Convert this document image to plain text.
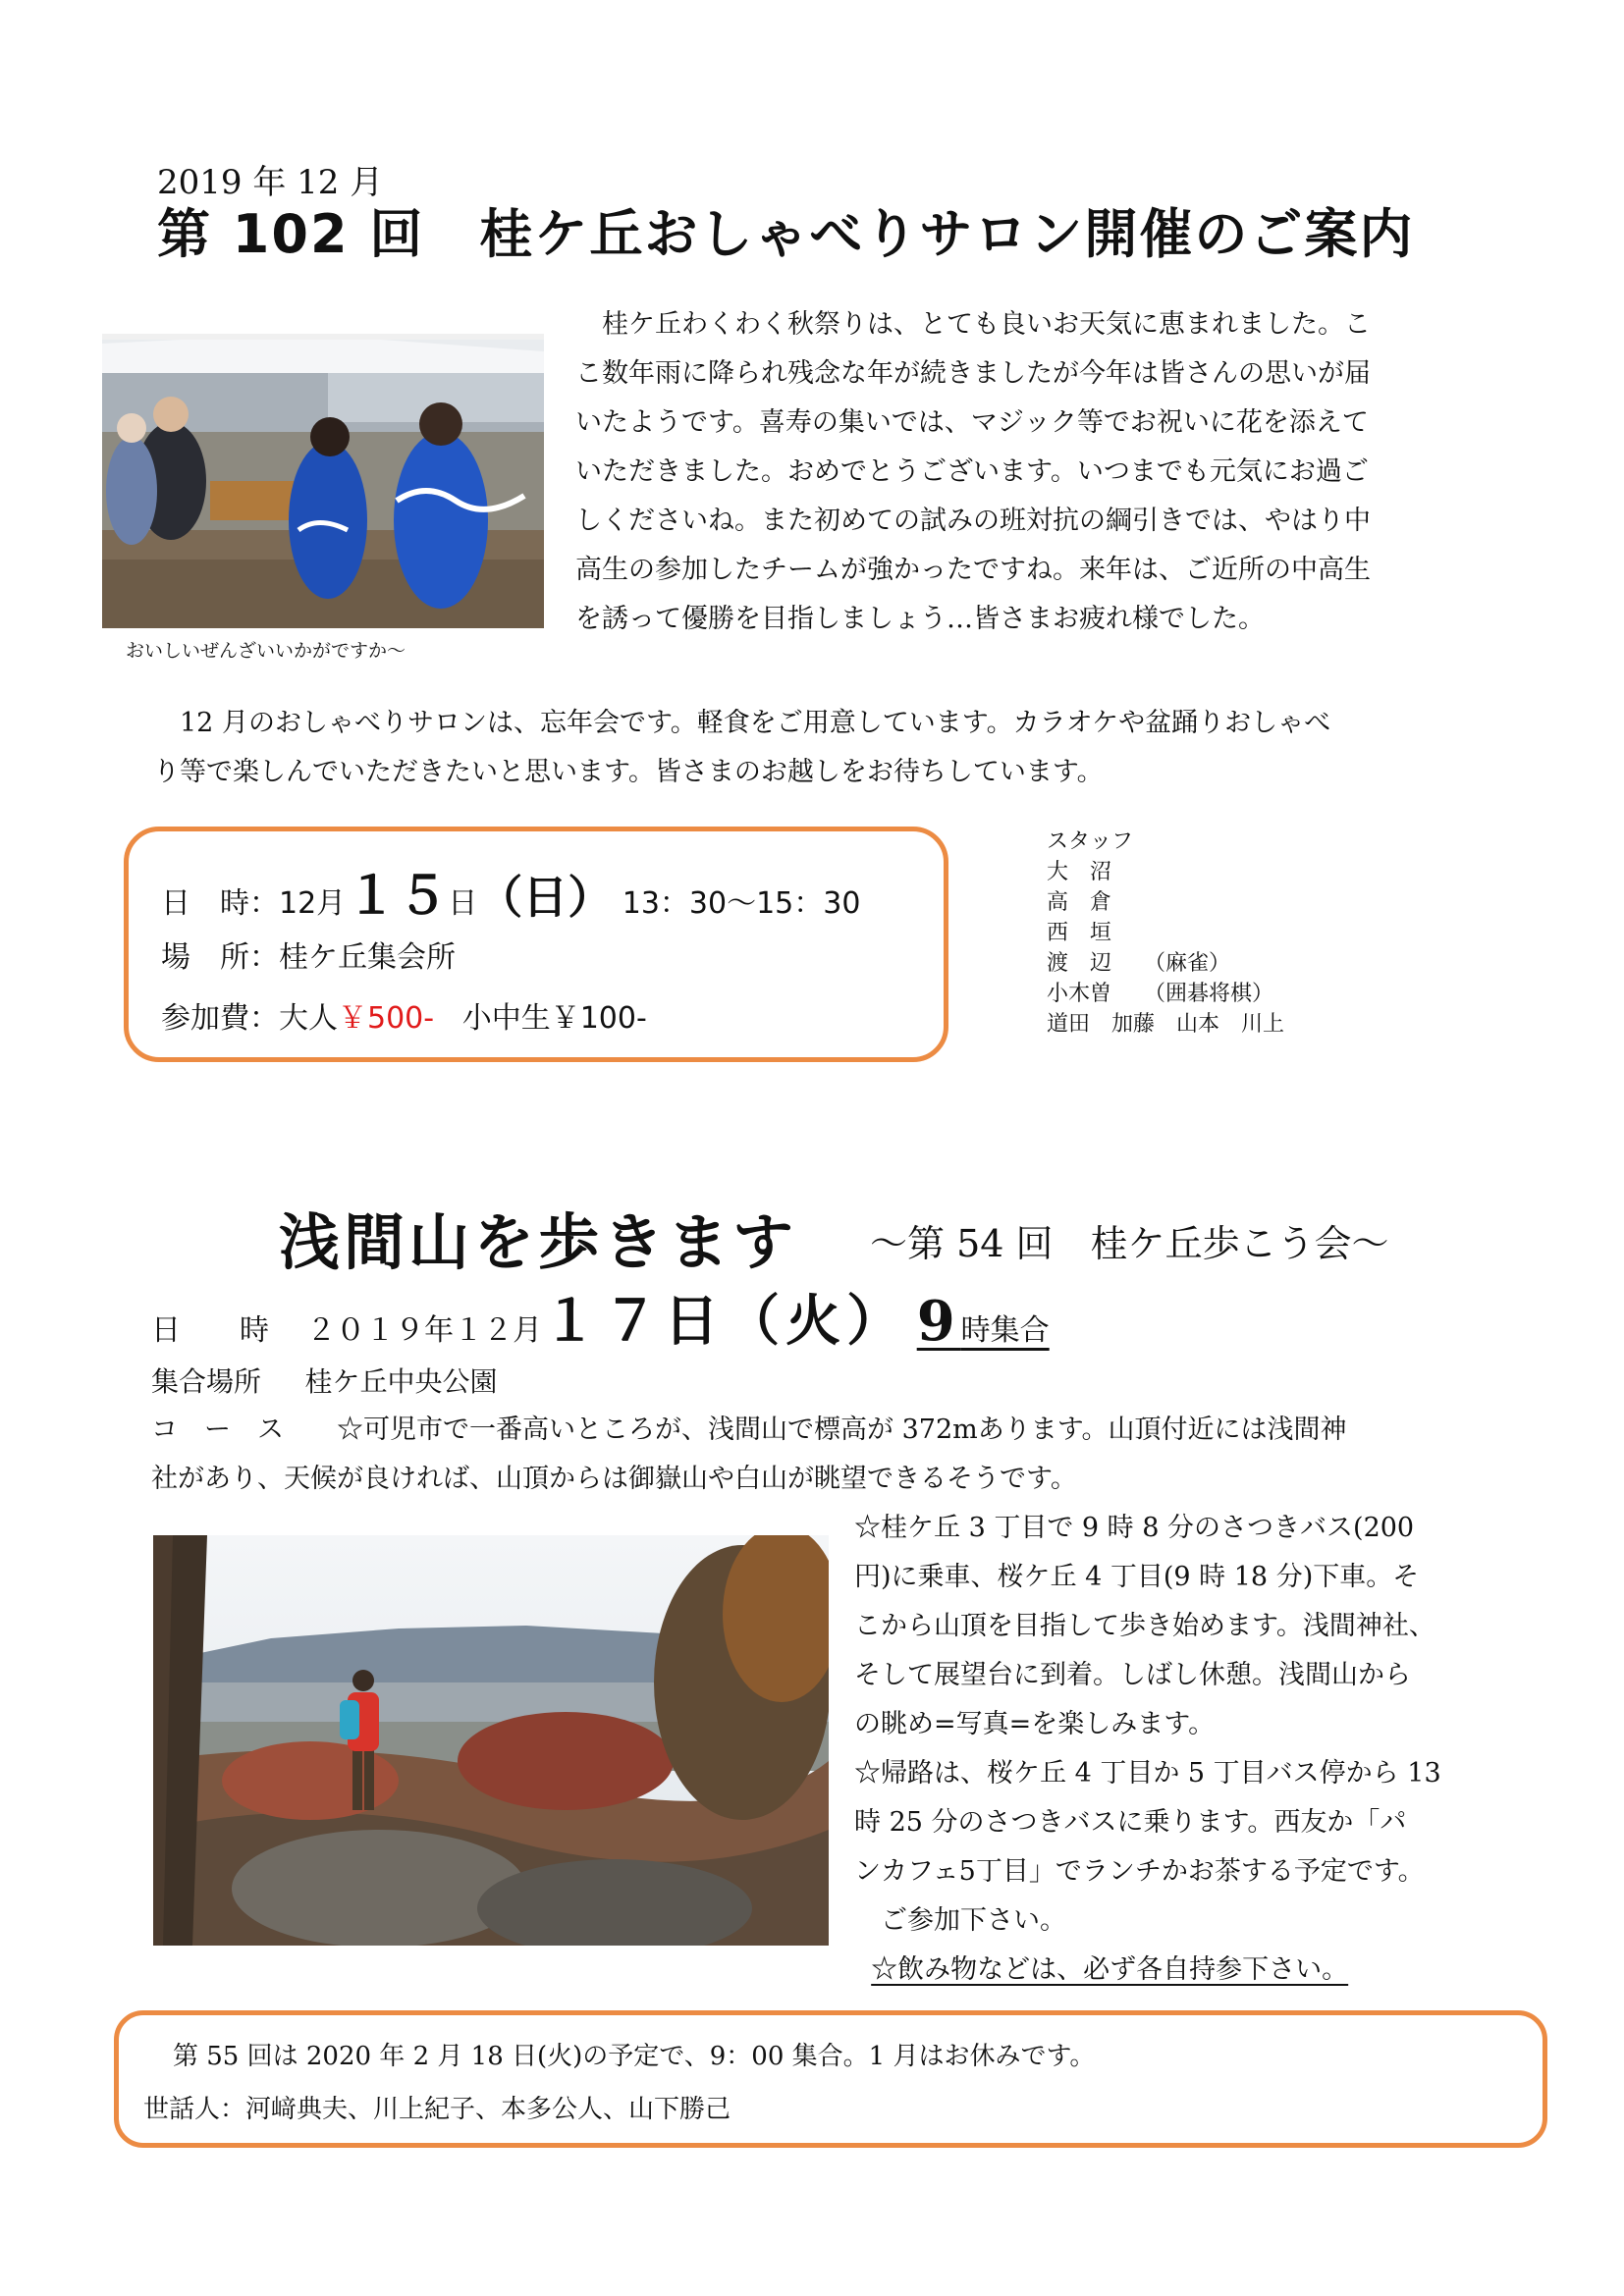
2019 年 12 月
第 102 回　桂ケ丘おしゃべりサロン開催のご案内
おいしいぜんざいいかがですか～
　桂ケ丘わくわく秋祭りは、とても良いお天気に恵まれました。こ
こ数年雨に降られ残念な年が続きましたが今年は皆さんの思いが届
いたようです。喜寿の集いでは、マジック等でお祝いに花を添えて
いただきました。おめでとうございます。いつまでも元気にお過ご
しくださいね。また初めての試みの班対抗の綱引きでは、やはり中
高生の参加したチームが強かったですね。来年は、ご近所の中高生
を誘って優勝を目指しましょう…皆さまお疲れ様でした。
　12 月のおしゃべりサロンは、忘年会です。軽食をご用意しています。カラオケや盆踊りおしゃべ
り等で楽しんでいただきたいと思います。皆さまのお越しをお待ちしています。
日　時：12月１５日（日） 13：30～15：30
場　所：桂ケ丘集会所
参加費：大人￥500- 小中生￥100-
スタッフ
大　沼
高　倉
西　垣
渡　辺　　（麻雀）
小木曽　　（囲碁将棋）
道田　加藤　山本　川上
浅間山を歩きます ～第 54 回　桂ケ丘歩こう会～
日　　時 ２０１９年１２月１７日（火） 9時集合
集合場所 桂ケ丘中央公園
コ　ー　ス　　☆可児市で一番高いところが、浅間山で標高が 372mあります。山頂付近には浅間神
社があり、天候が良ければ、山頂からは御嶽山や白山が眺望できるそうです。
☆桂ケ丘 3 丁目で 9 時 8 分のさつきバス(200
円)に乗車、桜ケ丘 4 丁目(9 時 18 分)下車。そ
こから山頂を目指して歩き始めます。浅間神社、
そして展望台に到着。しばし休憩。浅間山から
の眺め=写真=を楽しみます。
☆帰路は、桜ケ丘 4 丁目か 5 丁目バス停から 13
時 25 分のさつきバスに乗ります。西友か「パ
ンカフェ5丁目」でランチかお茶する予定です。
　ご参加下さい。
☆飲み物などは、必ず各自持参下さい。
第 55 回は 2020 年 2 月 18 日(火)の予定で、9：00 集合。1 月はお休みです。
世話人：河﨑典夫、川上紀子、本多公人、山下勝己
